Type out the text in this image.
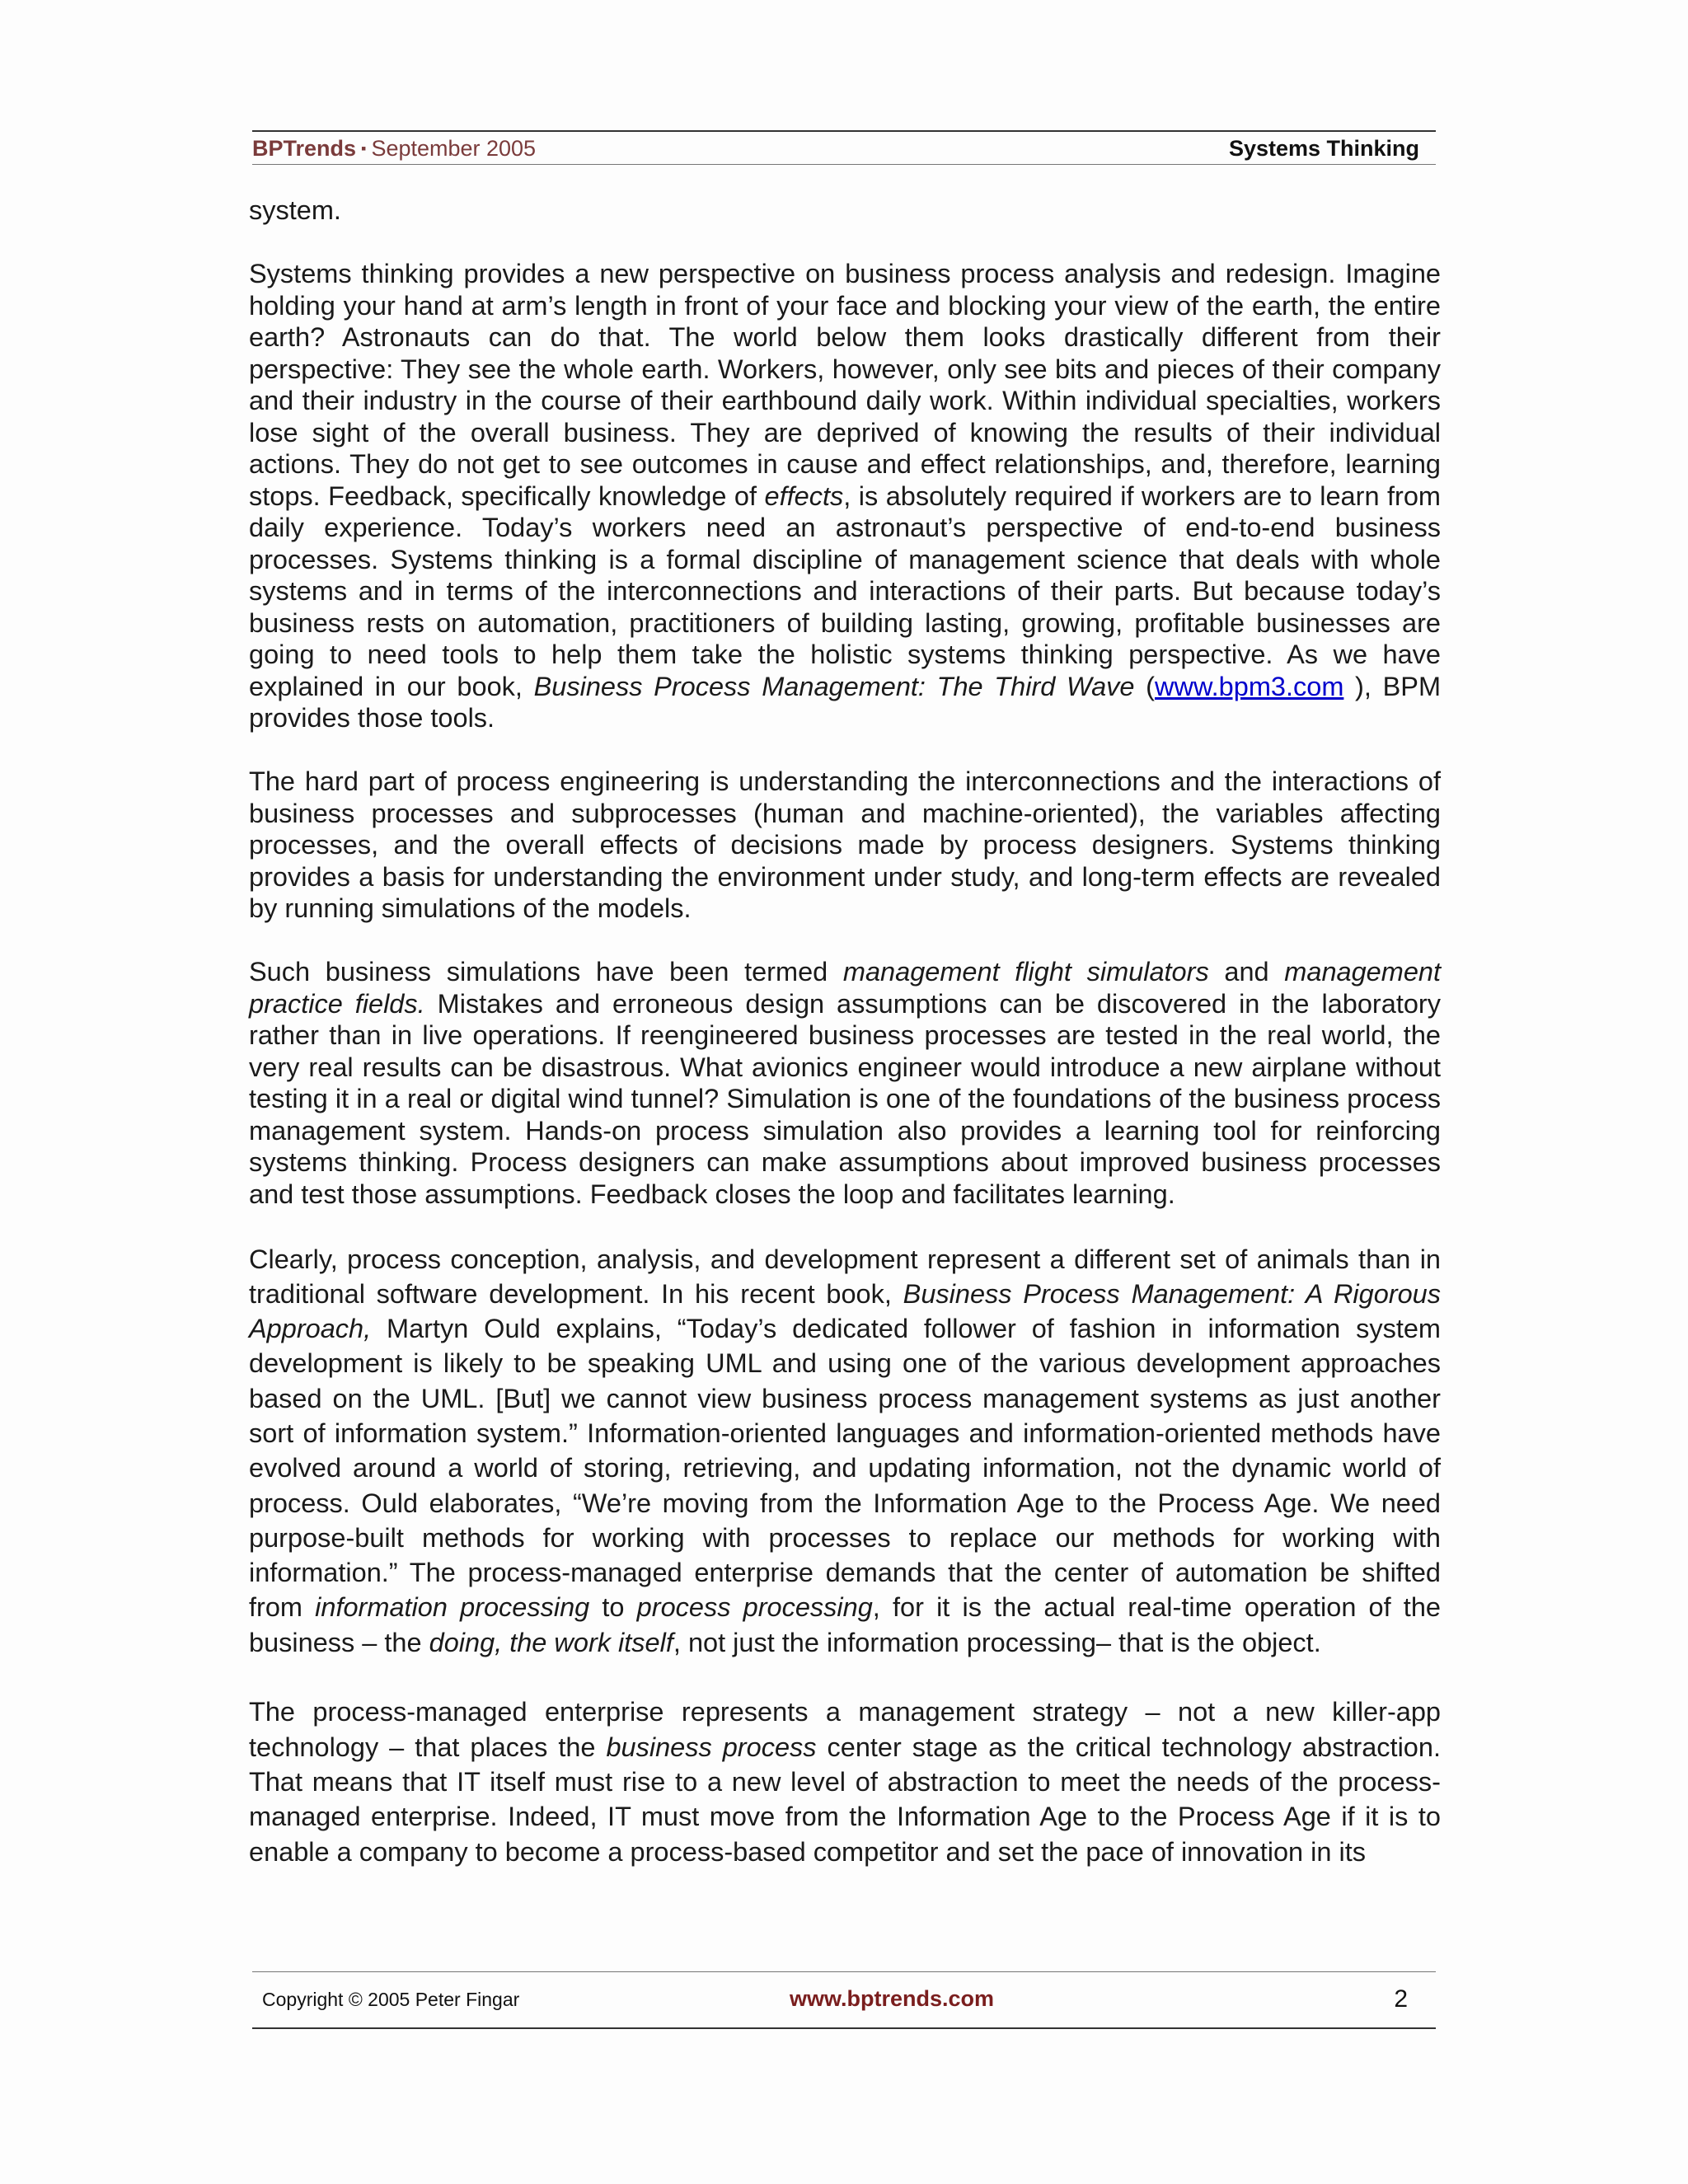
BPTrends ▪ September 2005	Systems Thinking

system.

Systems thinking provides a new perspective on business process analysis and redesign. Imagine holding your hand at arm’s length in front of your face and blocking your view of the earth, the entire earth? Astronauts can do that. The world below them looks drastically different from their perspective: They see the whole earth. Workers, however, only see bits and pieces of their company and their industry in the course of their earthbound daily work. Within individual specialties, workers lose sight of the overall business. They are deprived of knowing the results of their individual actions. They do not get to see outcomes in cause and effect relationships, and, therefore, learning stops. Feedback, specifically knowledge of effects, is absolutely required if workers are to learn from daily experience. Today’s workers need an astronaut’s perspective of end-to-end business processes. Systems thinking is a formal discipline of management science that deals with whole systems and in terms of the interconnections and interactions of their parts. But because today’s business rests on automation, practitioners of building lasting, growing, profitable businesses are going to need tools to help them take the holistic systems thinking perspective. As we have explained in our book, Business Process Management: The Third Wave (www.bpm3.com ), BPM provides those tools.

The hard part of process engineering is understanding the interconnections and the interactions of business processes and subprocesses (human and machine-oriented), the variables affecting processes, and the overall effects of decisions made by process designers. Systems thinking provides a basis for understanding the environment under study, and long-term effects are revealed by running simulations of the models.

Such business simulations have been termed management flight simulators and management practice fields. Mistakes and erroneous design assumptions can be discovered in the laboratory rather than in live operations. If reengineered business processes are tested in the real world, the very real results can be disastrous. What avionics engineer would introduce a new airplane without testing it in a real or digital wind tunnel? Simulation is one of the foundations of the business process management system. Hands-on process simulation also provides a learning tool for reinforcing systems thinking. Process designers can make assumptions about improved business processes and test those assumptions. Feedback closes the loop and facilitates learning.

Clearly, process conception, analysis, and development represent a different set of animals than in traditional software development. In his recent book, Business Process Management: A Rigorous Approach, Martyn Ould explains, “Today’s dedicated follower of fashion in information system development is likely to be speaking UML and using one of the various development approaches based on the UML. [But] we cannot view business process management systems as just another sort of information system.” Information-oriented languages and information-oriented methods have evolved around a world of storing, retrieving, and updating information, not the dynamic world of process. Ould elaborates, “We’re moving from the Information Age to the Process Age. We need purpose-built methods for working with processes to replace our methods for working with information.” The process-managed enterprise demands that the center of automation be shifted from information processing to process processing, for it is the actual real-time operation of the business – the doing, the work itself, not just the information processing– that is the object.

The process-managed enterprise represents a management strategy – not a new killer-app technology – that places the business process center stage as the critical technology abstraction. That means that IT itself must rise to a new level of abstraction to meet the needs of the process-managed enterprise. Indeed, IT must move from the Information Age to the Process Age if it is to enable a company to become a process-based competitor and set the pace of innovation in its

Copyright © 2005 Peter Fingar	www.bptrends.com	2
